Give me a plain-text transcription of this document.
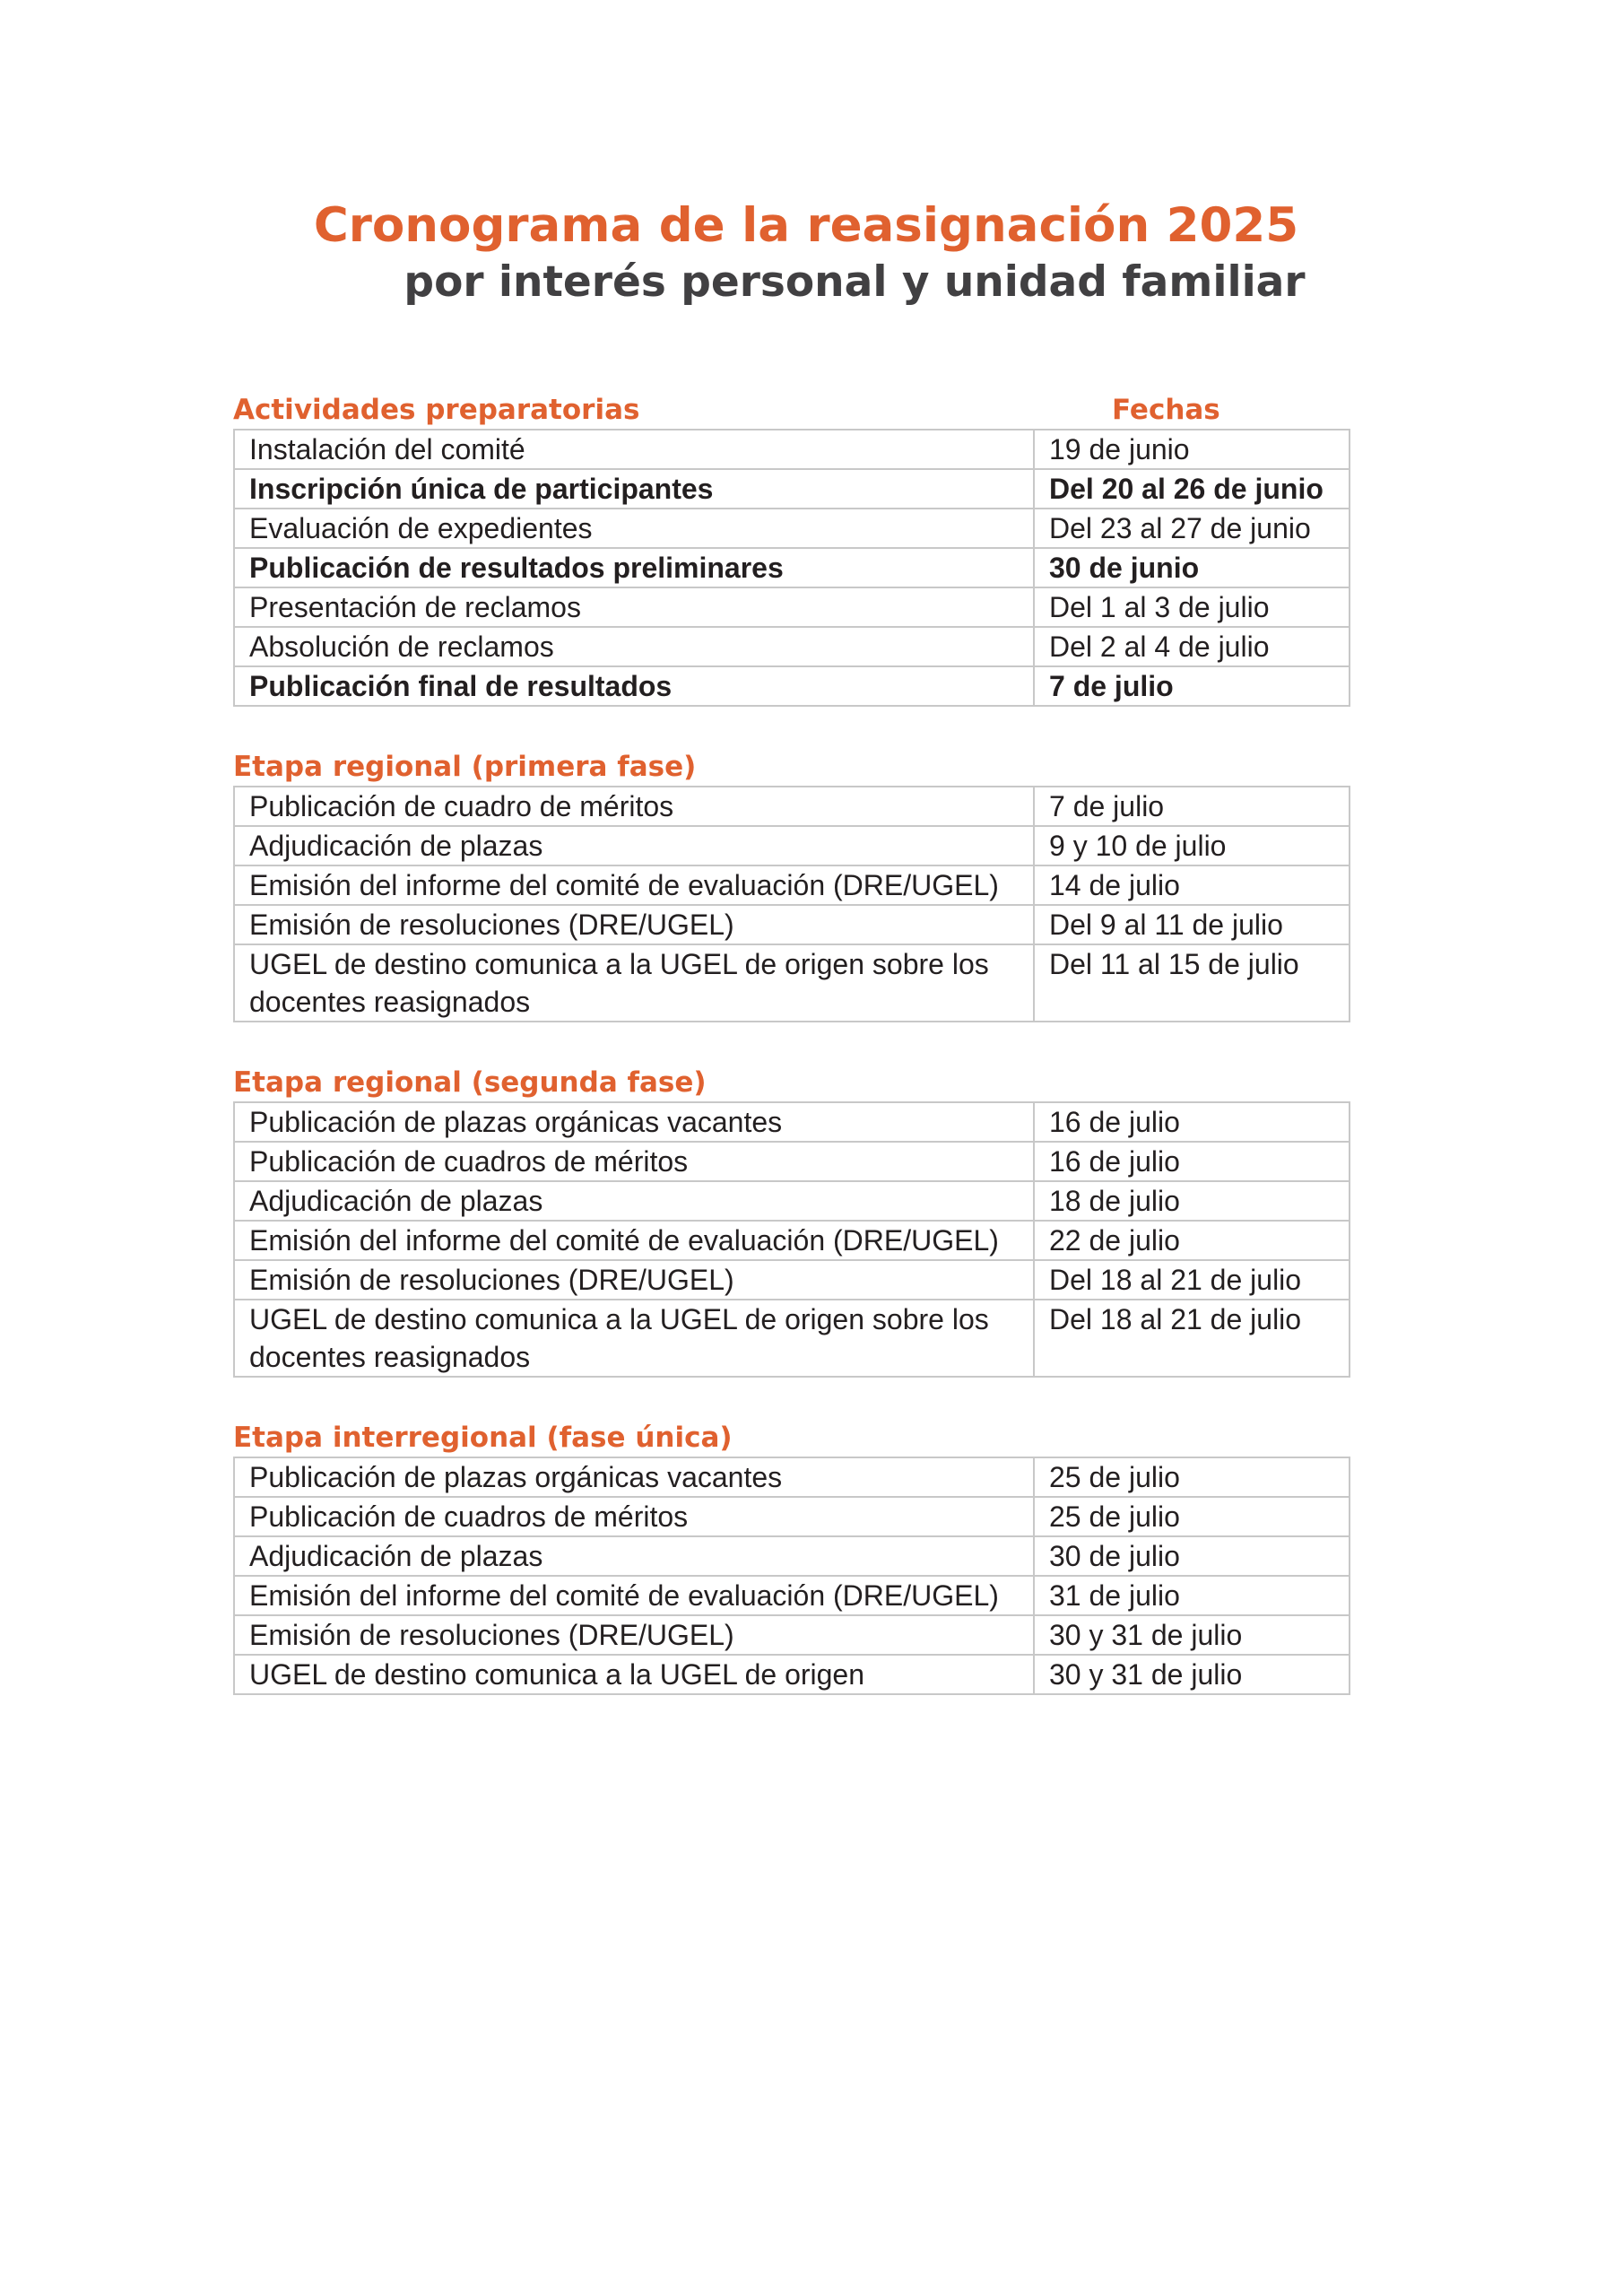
Cronograma de la reasignación 2025
por interés personal y unidad familiar
Actividades preparatorias	Fechas
Instalación del comité	19 de junio
Inscripción única de participantes	Del 20 al 26 de junio
Evaluación de expedientes	Del 23 al 27 de junio
Publicación de resultados preliminares	30 de junio
Presentación de reclamos	Del 1 al 3 de julio
Absolución de reclamos	Del 2 al 4 de julio
Publicación final de resultados	7 de julio
Etapa regional (primera fase)
Publicación de cuadro de méritos	7 de julio
Adjudicación de plazas	9 y 10 de julio
Emisión del informe del comité de evaluación (DRE/UGEL)	14 de julio
Emisión de resoluciones (DRE/UGEL)	Del 9 al 11 de julio
UGEL de destino comunica a la UGEL de origen sobre los docentes reasignados	Del 11 al 15 de julio
Etapa regional (segunda fase)
Publicación de plazas orgánicas vacantes	16 de julio
Publicación de cuadros de méritos	16 de julio
Adjudicación de plazas	18 de julio
Emisión del informe del comité de evaluación (DRE/UGEL)	22 de julio
Emisión de resoluciones (DRE/UGEL)	Del 18 al 21 de julio
UGEL de destino comunica a la UGEL de origen sobre los docentes reasignados	Del 18 al 21 de julio
Etapa interregional (fase única)
Publicación de plazas orgánicas vacantes	25 de julio
Publicación de cuadros de méritos	25 de julio
Adjudicación de plazas	30 de julio
Emisión del informe del comité de evaluación (DRE/UGEL)	31 de julio
Emisión de resoluciones (DRE/UGEL)	30 y 31 de julio
UGEL de destino comunica a la UGEL de origen	30 y 31 de julio
